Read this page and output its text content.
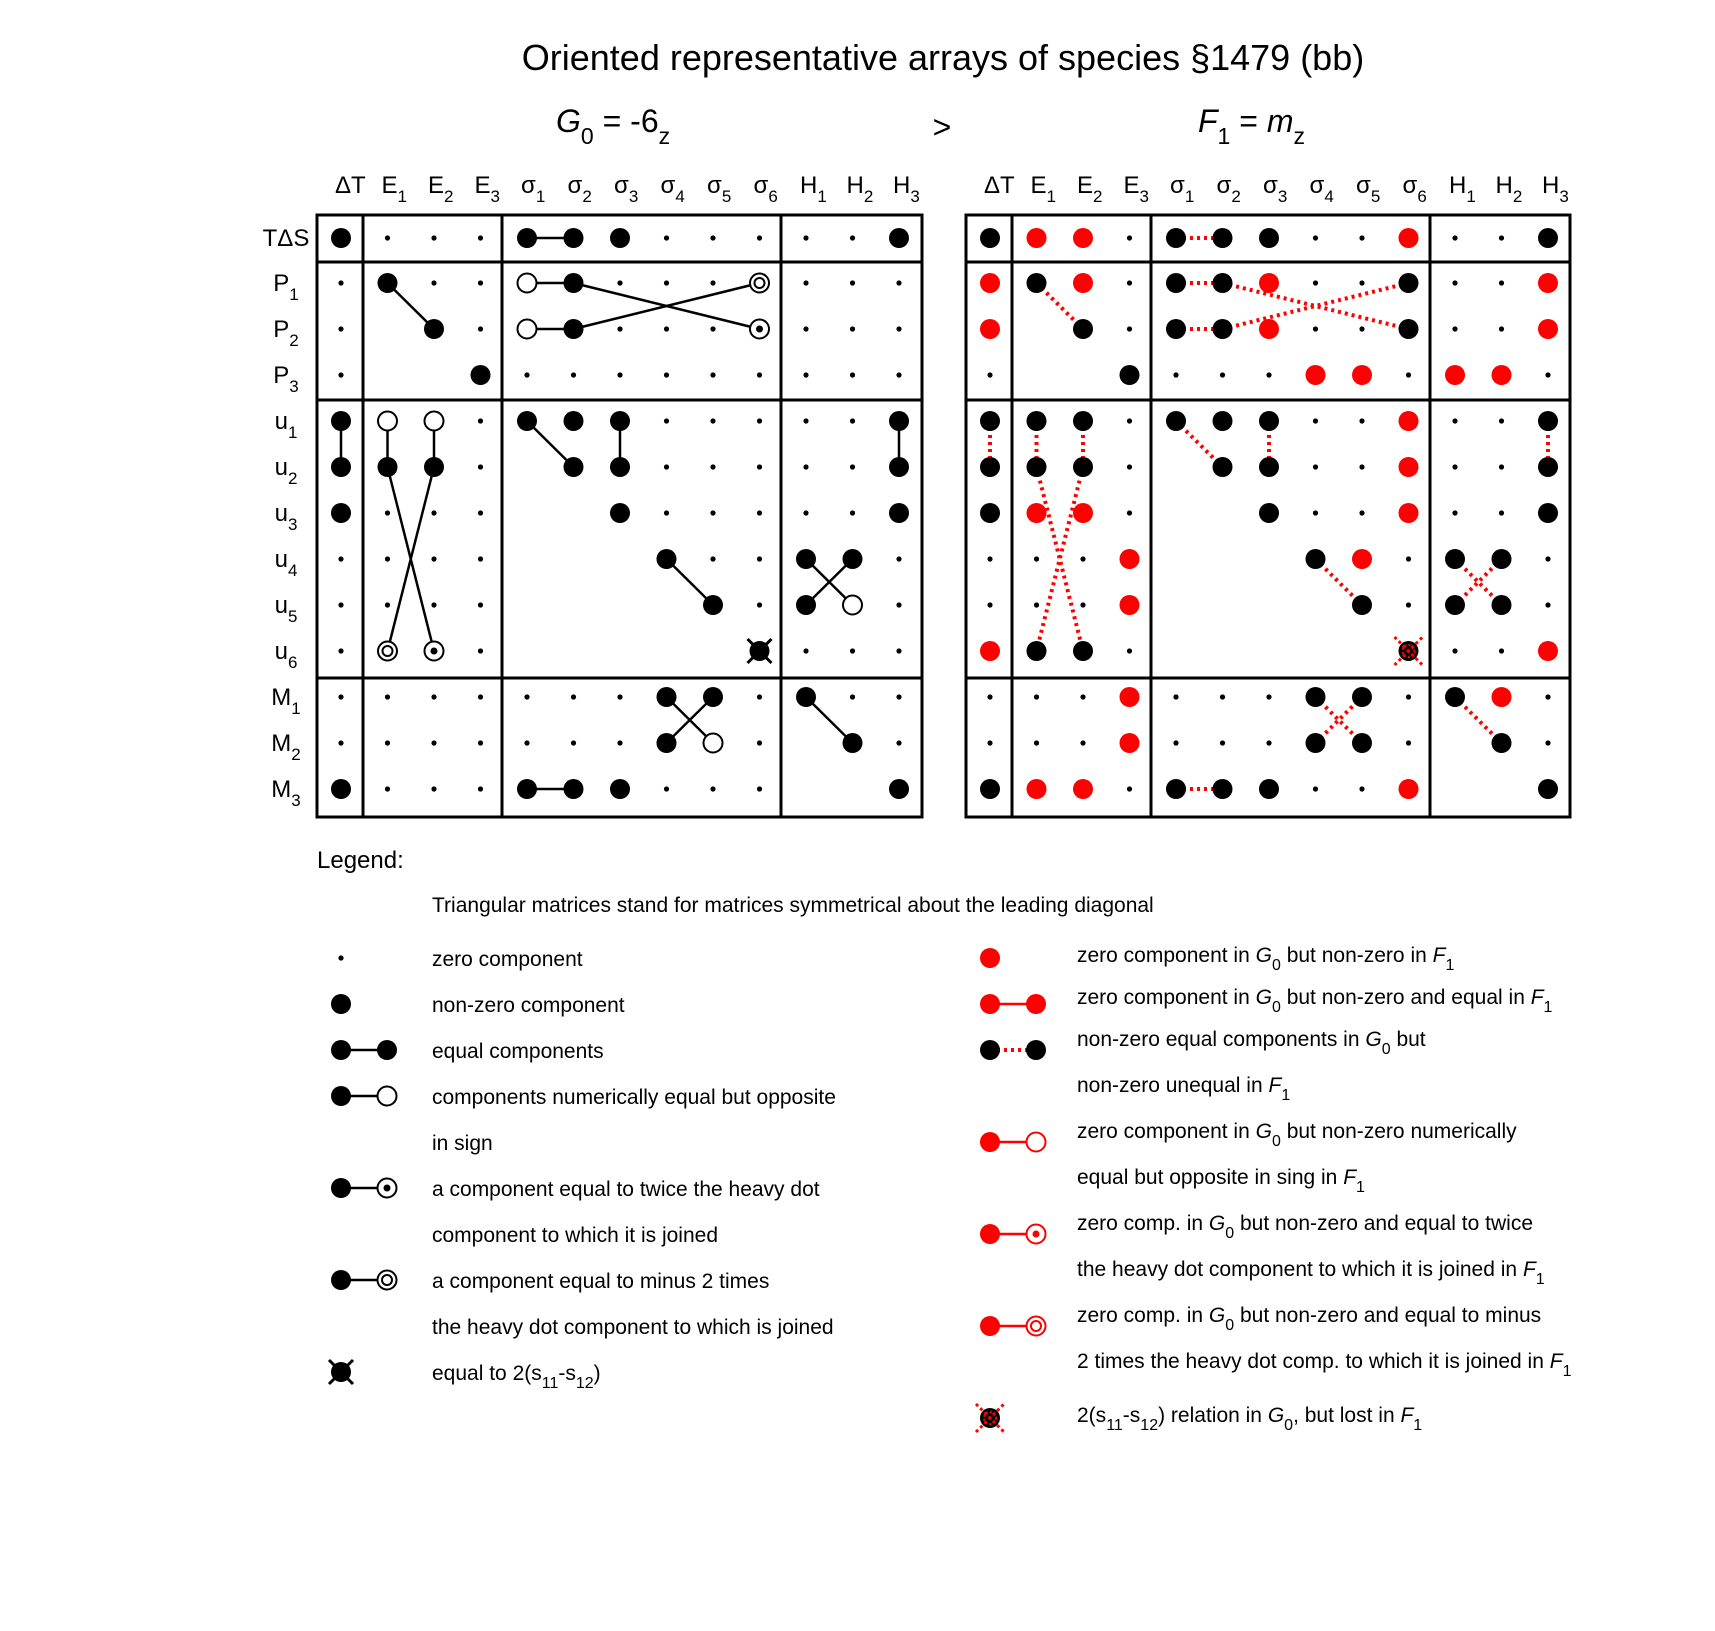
Oriented representative arrays of species §1479 (bb)
$G_0 = -6_z$	>	$F_1 = m_z$
ΔT $E_1$ $E_2$ $E_3$ $\sigma_1$ $\sigma_2$ $\sigma_3$ $\sigma_4$ $\sigma_5$ $\sigma_6$ $H_1$ $H_2$ $H_3$
TΔS
$P_1$
$P_2$
$P_3$
$u_1$
$u_2$
$u_3$
$u_4$
$u_5$
$u_6$
$M_1$
$M_2$
$M_3$
ΔT $E_1$ $E_2$ $E_3$ $\sigma_1$ $\sigma_2$ $\sigma_3$ $\sigma_4$ $\sigma_5$ $\sigma_6$ $H_1$ $H_2$ $H_3$
Legend:
Triangular matrices stand for matrices symmetrical about the leading diagonal
zero component
non-zero component
equal components
components numerically equal but opposite
in sign
a component equal to twice the heavy dot
component to which it is joined
a component equal to minus 2 times
the heavy dot component to which is joined
equal to $2(s_{11}-s_{12})$
zero component in $G_0$ but non-zero in $F_1$
zero component in $G_0$ but non-zero and equal in $F_1$
non-zero equal components in $G_0$ but
non-zero unequal in $F_1$
zero component in $G_0$ but non-zero numerically
equal but opposite in sing in $F_1$
zero comp. in $G_0$ but non-zero and equal to twice
the heavy dot component to which it is joined in $F_1$
zero comp. in $G_0$ but non-zero and equal to minus
2 times the heavy dot comp. to which it is joined in $F_1$
$2(s_{11}-s_{12})$ relation in $G_0$, but lost in $F_1$
